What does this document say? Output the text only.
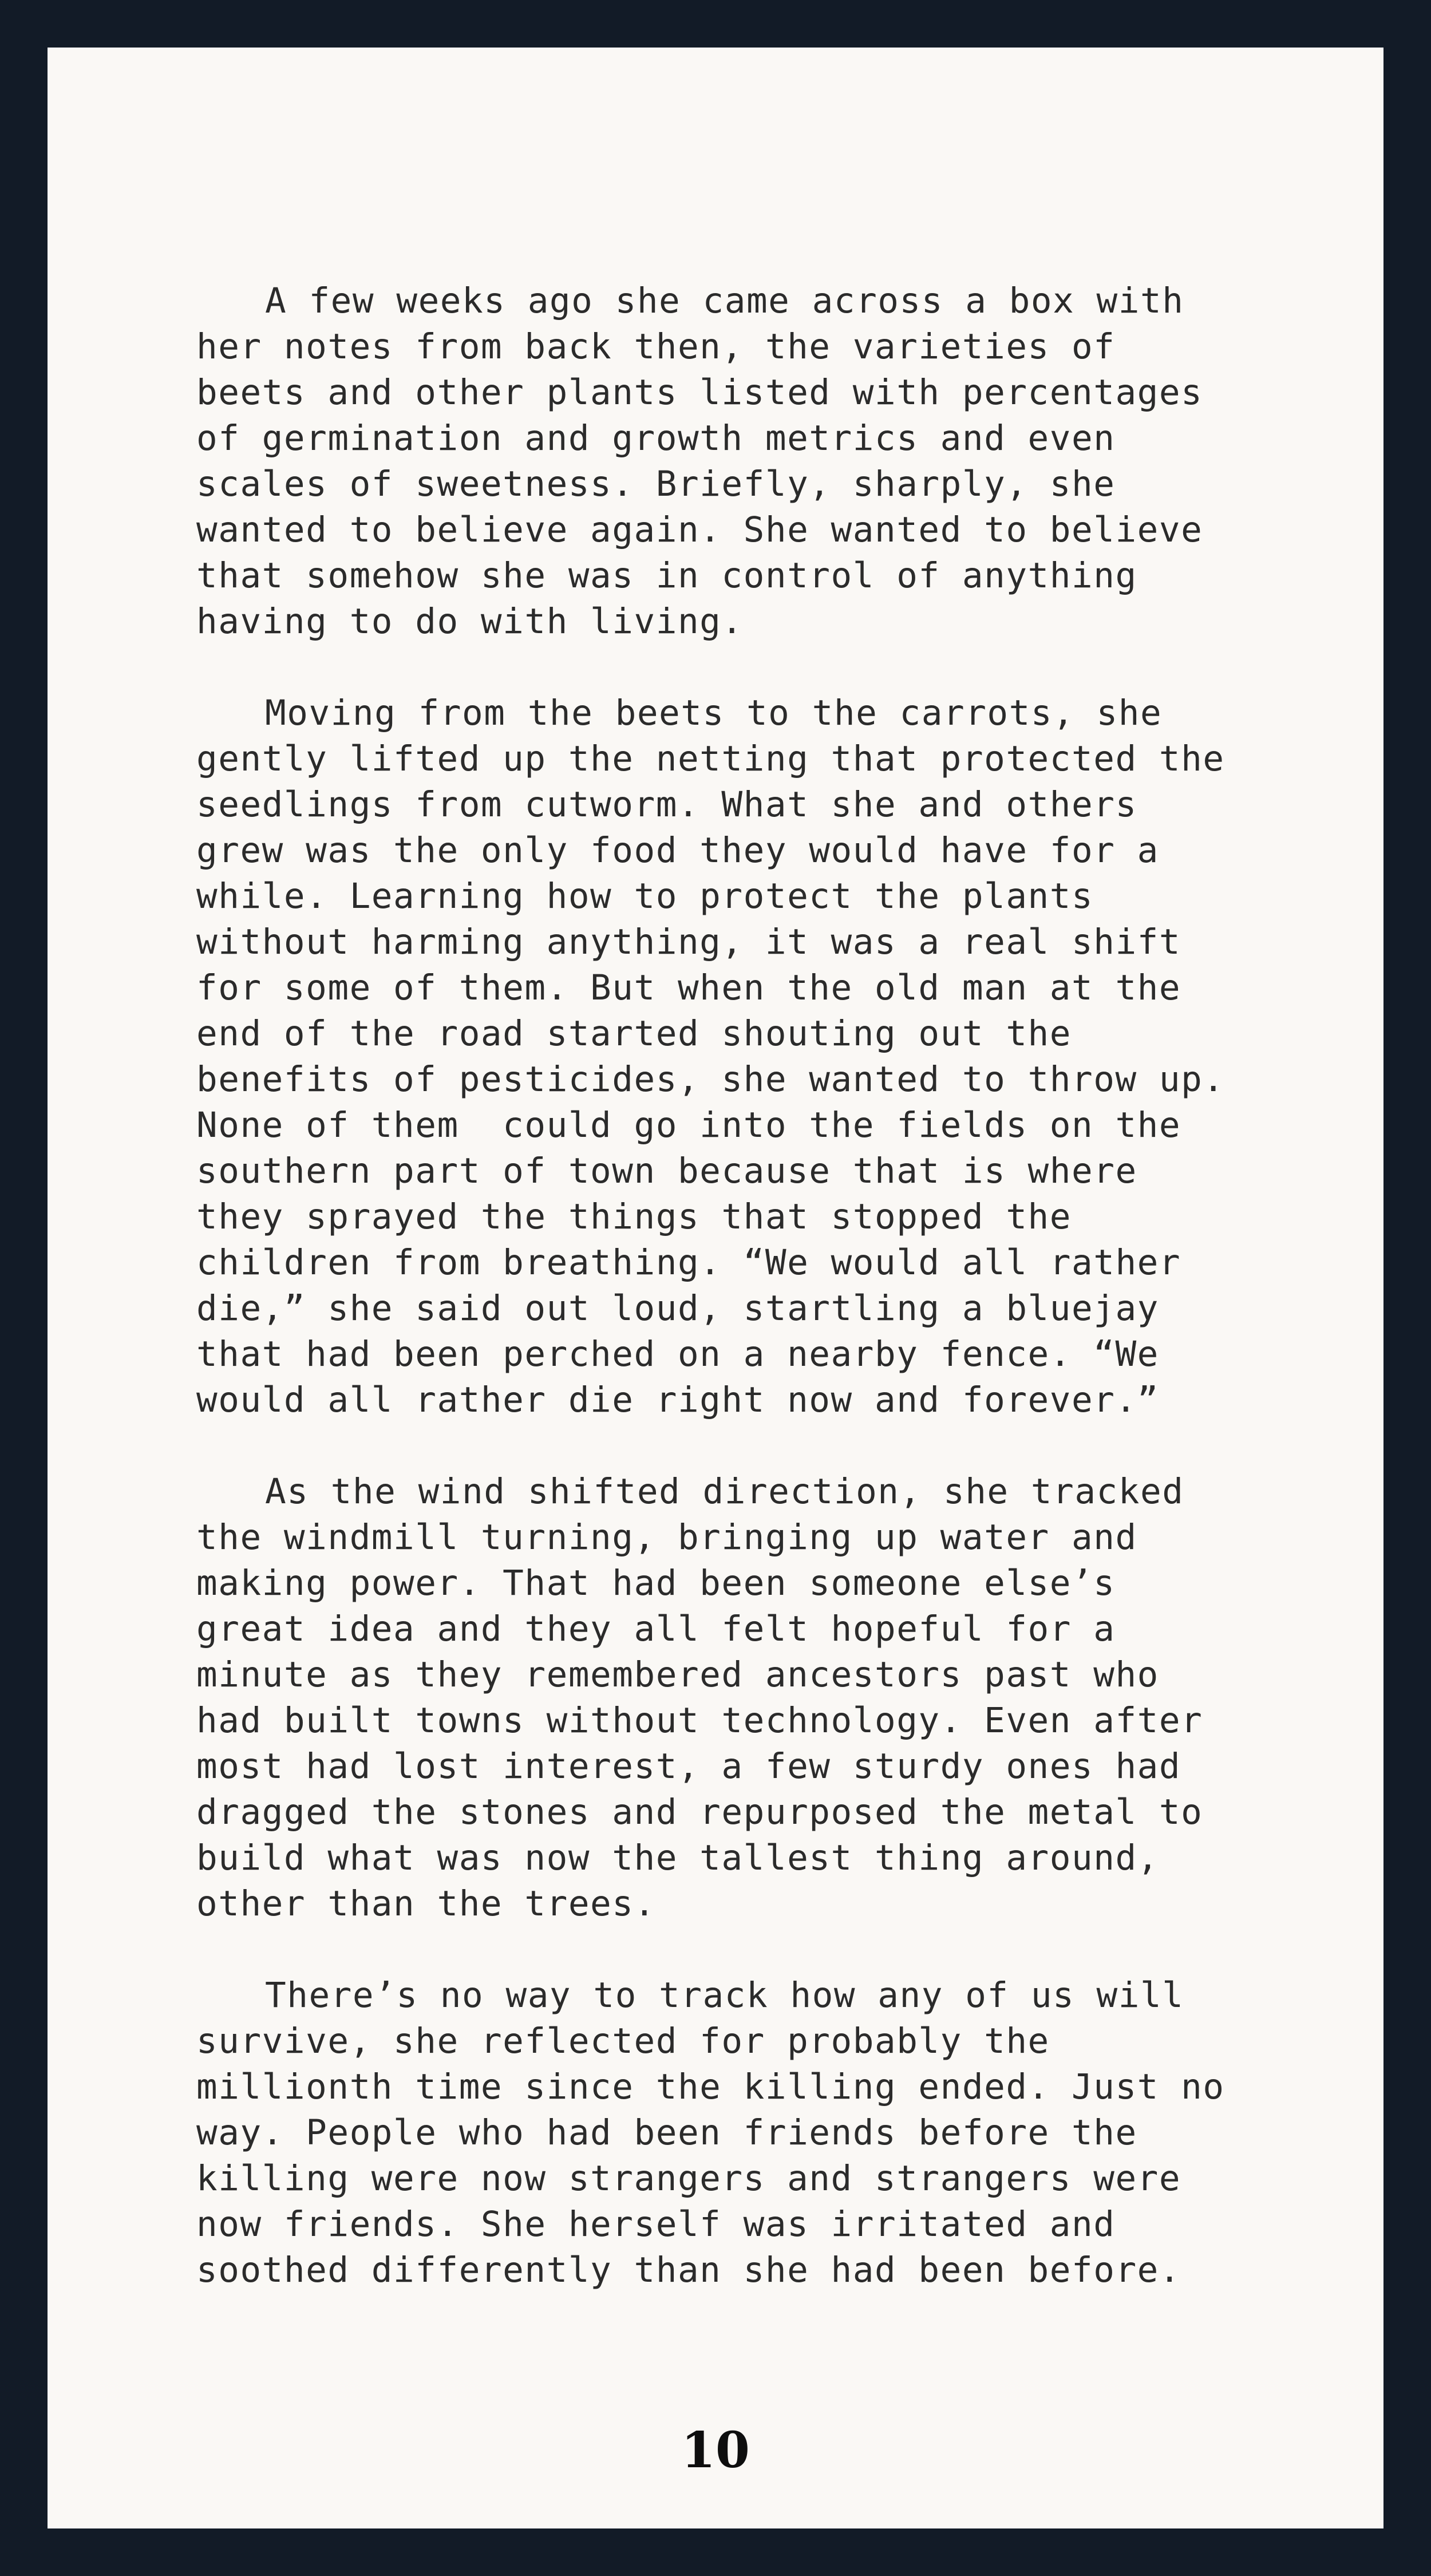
A few weeks ago she came across a box with
her notes from back then, the varieties of
beets and other plants listed with percentages
of germination and growth metrics and even
scales of sweetness. Briefly, sharply, she
wanted to believe again. She wanted to believe
that somehow she was in control of anything
having to do with living.
Moving from the beets to the carrots, she
gently lifted up the netting that protected the
seedlings from cutworm. What she and others
grew was the only food they would have for a
while. Learning how to protect the plants
without harming anything, it was a real shift
for some of them. But when the old man at the
end of the road started shouting out the
benefits of pesticides, she wanted to throw up.
None of them  could go into the fields on the
southern part of town because that is where
they sprayed the things that stopped the
children from breathing. “We would all rather
die,” she said out loud, startling a bluejay
that had been perched on a nearby fence. “We
would all rather die right now and forever.”
As the wind shifted direction, she tracked
the windmill turning, bringing up water and
making power. That had been someone else’s
great idea and they all felt hopeful for a
minute as they remembered ancestors past who
had built towns without technology. Even after
most had lost interest, a few sturdy ones had
dragged the stones and repurposed the metal to
build what was now the tallest thing around,
other than the trees.
There’s no way to track how any of us will
survive, she reflected for probably the
millionth time since the killing ended. Just no
way. People who had been friends before the
killing were now strangers and strangers were
now friends. She herself was irritated and
soothed differently than she had been before.
10
